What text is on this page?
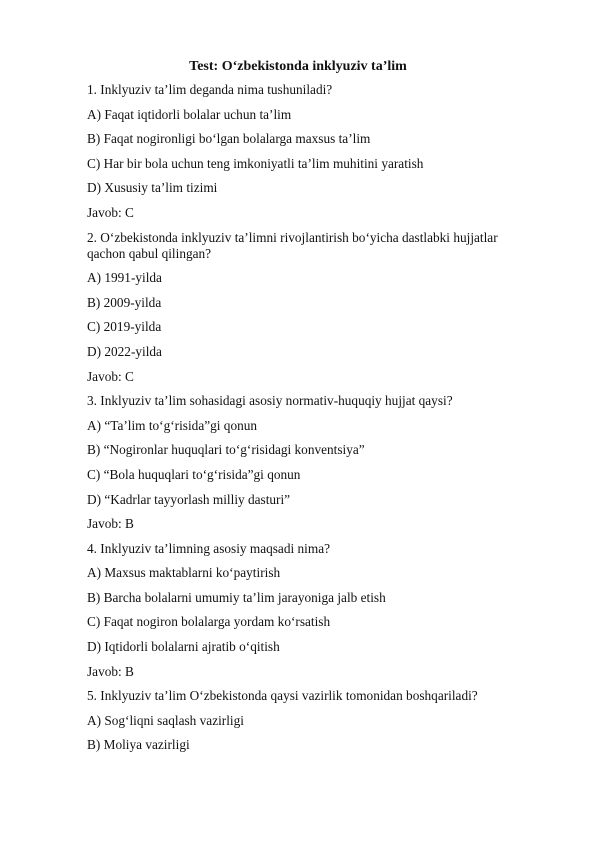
Test: O‘zbekistonda inklyuziv ta’lim
1. Inklyuziv ta’lim deganda nima tushuniladi?
A) Faqat iqtidorli bolalar uchun ta’lim
B) Faqat nogironligi bo‘lgan bolalarga maxsus ta’lim
C) Har bir bola uchun teng imkoniyatli ta’lim muhitini yaratish
D) Xususiy ta’lim tizimi
Javob: C
2. O‘zbekistonda inklyuziv ta’limni rivojlantirish bo‘yicha dastlabki hujjatlar qachon qabul qilingan?
A) 1991-yilda
B) 2009-yilda
C) 2019-yilda
D) 2022-yilda
Javob: C
3. Inklyuziv ta’lim sohasidagi asosiy normativ-huquqiy hujjat qaysi?
A) “Ta’lim to‘g‘risida”gi qonun
B) “Nogironlar huquqlari to‘g‘risidagi konventsiya”
C) “Bola huquqlari to‘g‘risida”gi qonun
D) “Kadrlar tayyorlash milliy dasturi”
Javob: B
4. Inklyuziv ta’limning asosiy maqsadi nima?
A) Maxsus maktablarni ko‘paytirish
B) Barcha bolalarni umumiy ta’lim jarayoniga jalb etish
C) Faqat nogiron bolalarga yordam ko‘rsatish
D) Iqtidorli bolalarni ajratib o‘qitish
Javob: B
5. Inklyuziv ta’lim O‘zbekistonda qaysi vazirlik tomonidan boshqariladi?
A) Sog‘liqni saqlash vazirligi
B) Moliya vazirligi
